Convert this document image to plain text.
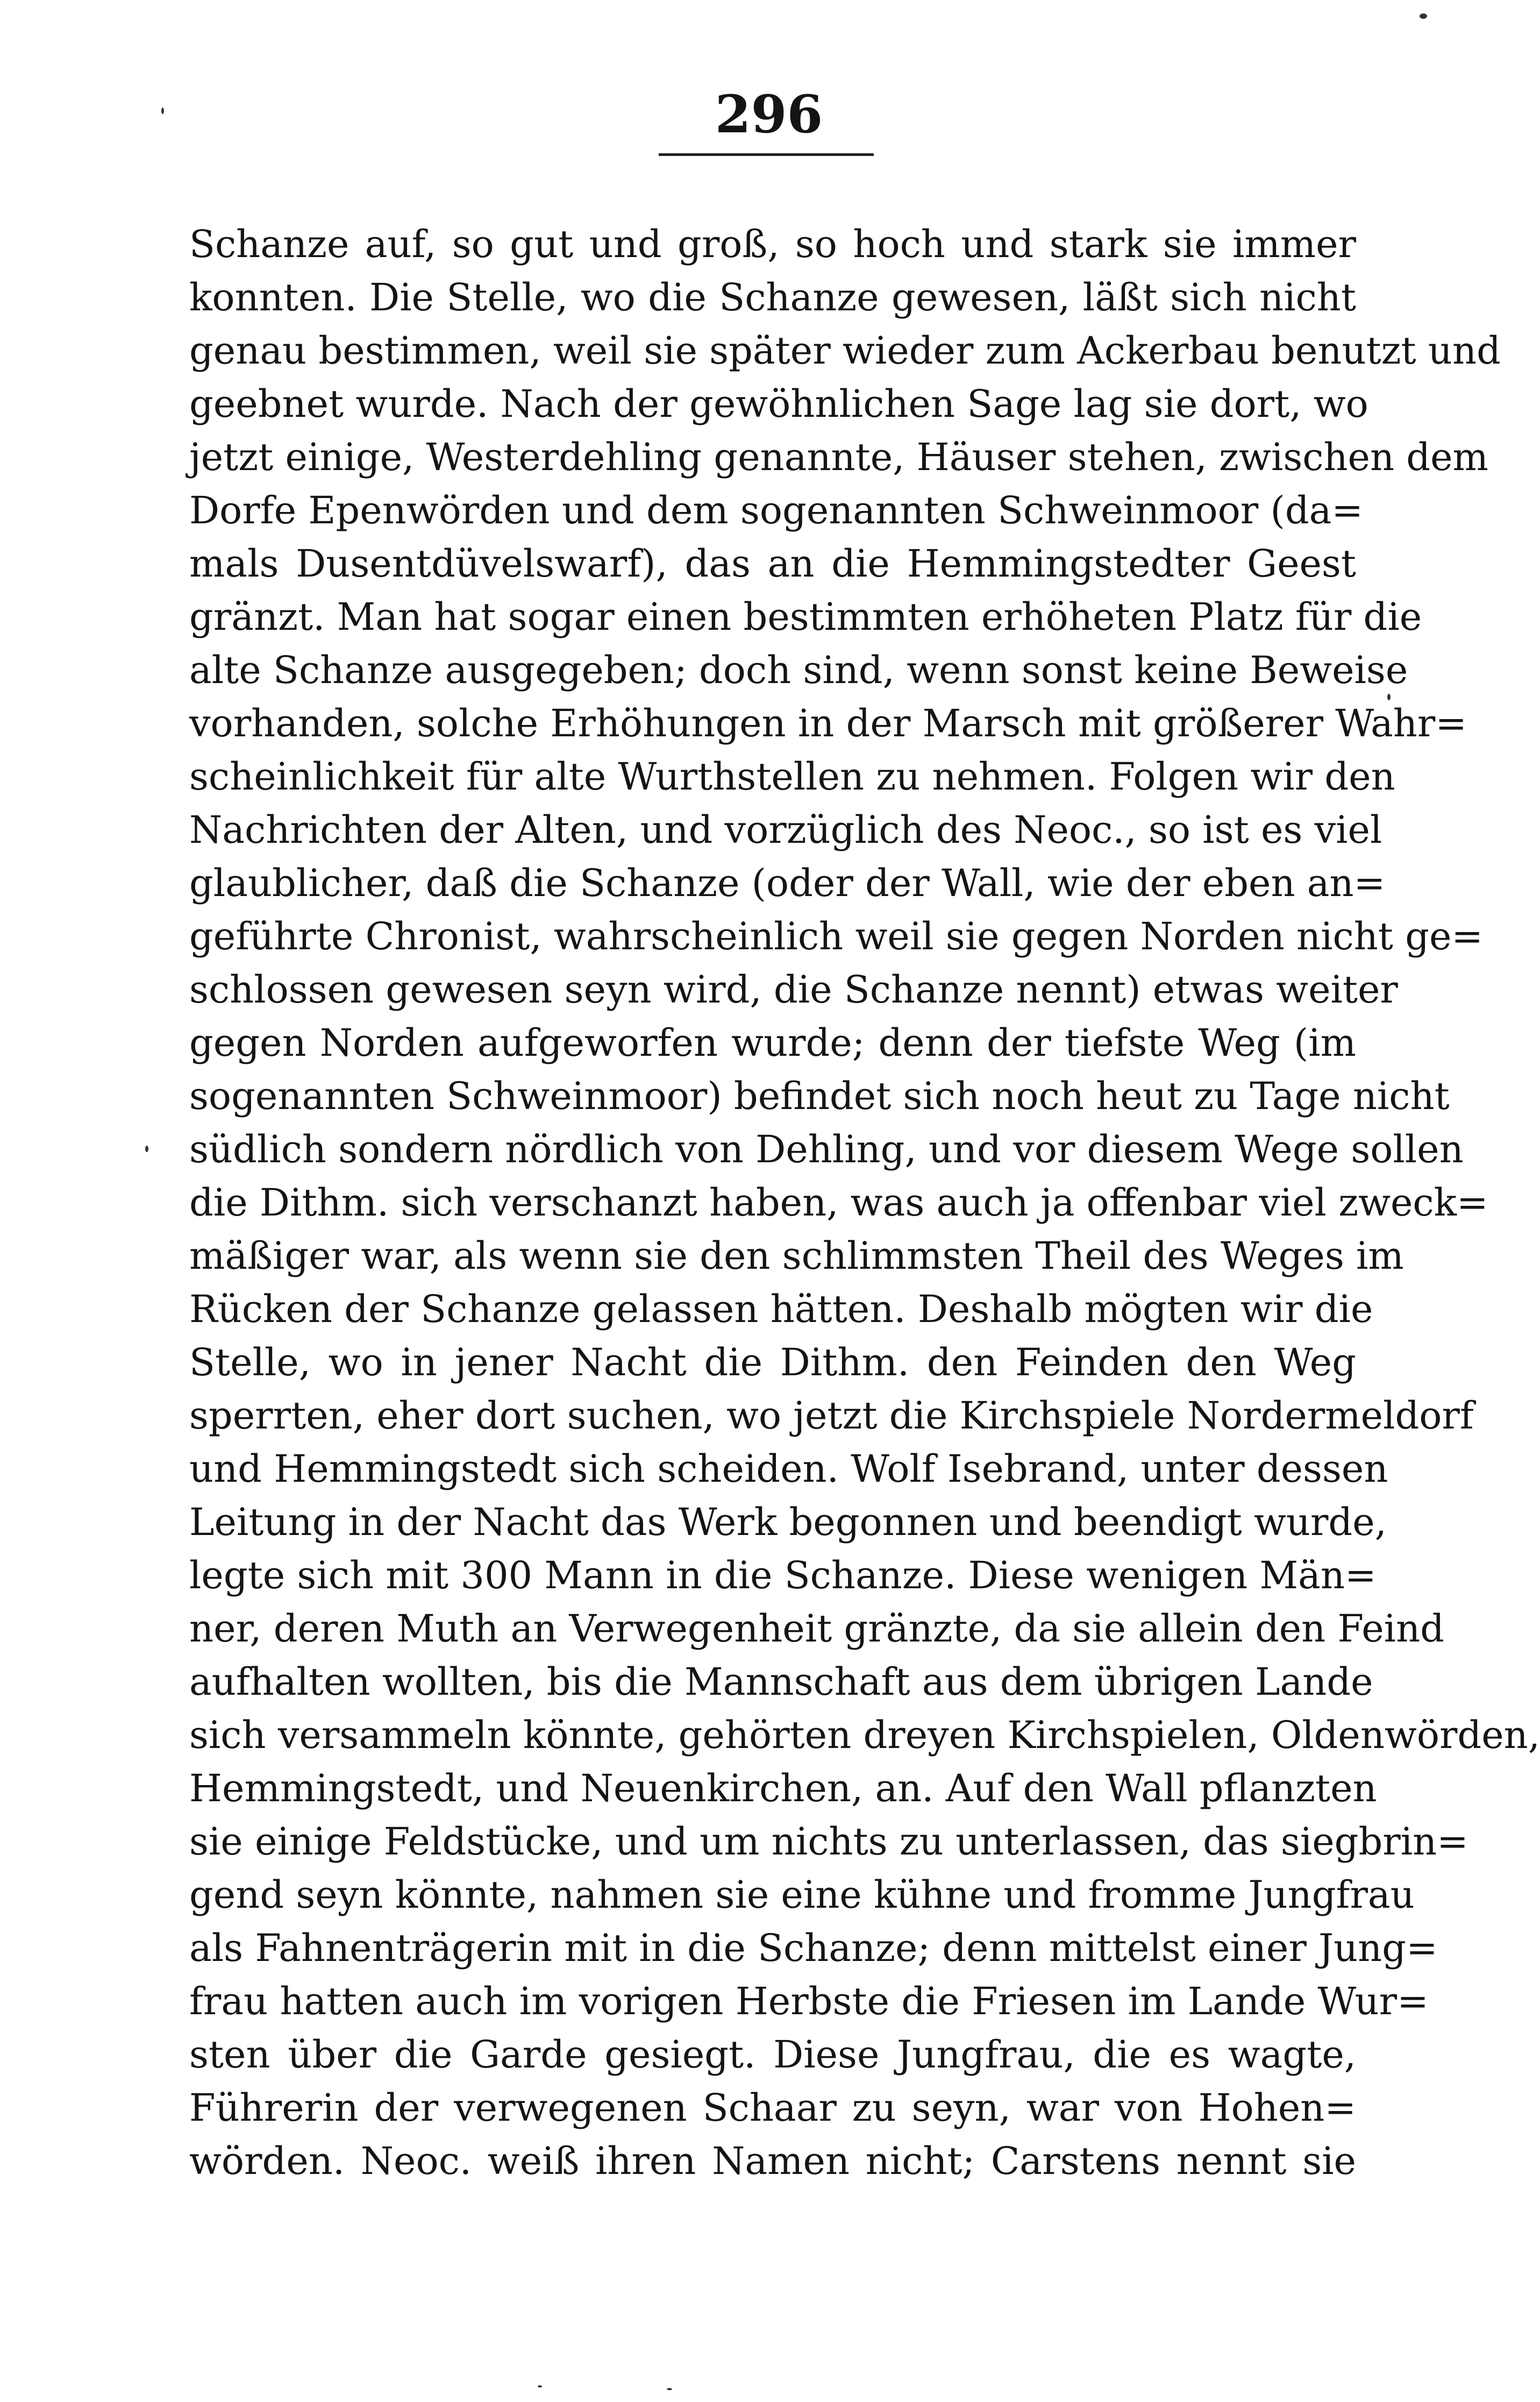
296
Schanze auf, so gut und groß, so hoch und stark sie immer
konnten. Die Stelle, wo die Schanze gewesen, läßt sich nicht
genau bestimmen, weil sie später wieder zum Ackerbau benutzt und
geebnet wurde. Nach der gewöhnlichen Sage lag sie dort, wo
jetzt einige, Westerdehling genannte, Häuser stehen, zwischen dem
Dorfe Epenwörden und dem sogenannten Schweinmoor (da=
mals Dusentdüvelswarf), das an die Hemmingstedter Geest
gränzt. Man hat sogar einen bestimmten erhöheten Platz für die
alte Schanze ausgegeben; doch sind, wenn sonst keine Beweise
vorhanden, solche Erhöhungen in der Marsch mit größerer Wahr=
scheinlichkeit für alte Wurthstellen zu nehmen. Folgen wir den
Nachrichten der Alten, und vorzüglich des Neoc., so ist es viel
glaublicher, daß die Schanze (oder der Wall, wie der eben an=
geführte Chronist, wahrscheinlich weil sie gegen Norden nicht ge=
schlossen gewesen seyn wird, die Schanze nennt) etwas weiter
gegen Norden aufgeworfen wurde; denn der tiefste Weg (im
sogenannten Schweinmoor) befindet sich noch heut zu Tage nicht
südlich sondern nördlich von Dehling, und vor diesem Wege sollen
die Dithm. sich verschanzt haben, was auch ja offenbar viel zweck=
mäßiger war, als wenn sie den schlimmsten Theil des Weges im
Rücken der Schanze gelassen hätten. Deshalb mögten wir die
Stelle, wo in jener Nacht die Dithm. den Feinden den Weg
sperrten, eher dort suchen, wo jetzt die Kirchspiele Nordermeldorf
und Hemmingstedt sich scheiden. Wolf Isebrand, unter dessen
Leitung in der Nacht das Werk begonnen und beendigt wurde,
legte sich mit 300 Mann in die Schanze. Diese wenigen Män=
ner, deren Muth an Verwegenheit gränzte, da sie allein den Feind
aufhalten wollten, bis die Mannschaft aus dem übrigen Lande
sich versammeln könnte, gehörten dreyen Kirchspielen, Oldenwörden,
Hemmingstedt, und Neuenkirchen, an. Auf den Wall pflanzten
sie einige Feldstücke, und um nichts zu unterlassen, das siegbrin=
gend seyn könnte, nahmen sie eine kühne und fromme Jungfrau
als Fahnenträgerin mit in die Schanze; denn mittelst einer Jung=
frau hatten auch im vorigen Herbste die Friesen im Lande Wur=
sten über die Garde gesiegt. Diese Jungfrau, die es wagte,
Führerin der verwegenen Schaar zu seyn, war von Hohen=
wörden. Neoc. weiß ihren Namen nicht; Carstens nennt sie
